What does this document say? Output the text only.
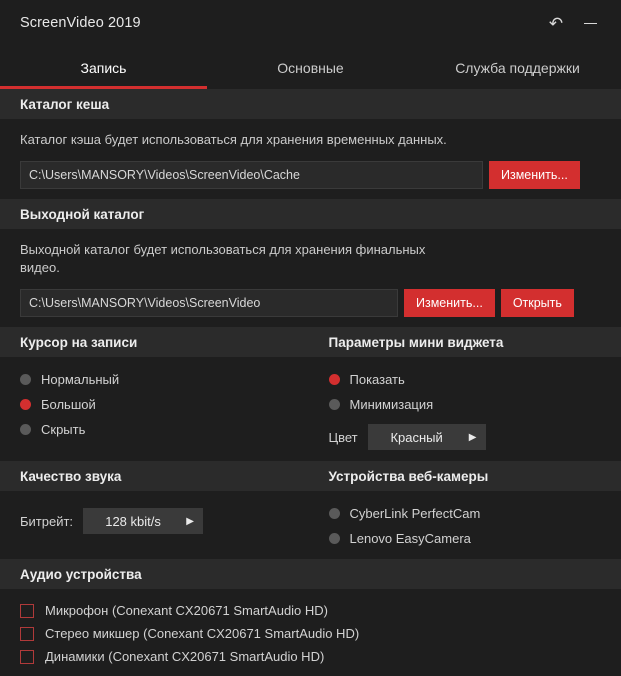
ScreenVideo 2019	↶
Запись	Основные	Служба поддержки
Каталог кеша

Каталог кэша будет использоваться для хранения временных данных.

C:\Users\MANSORY\Videos\ScreenVideo\Cache	Изменить...
Выходной каталог

Выходной каталог будет использоваться для хранения финальных видео.

C:\Users\MANSORY\Videos\ScreenVideo	Изменить...	Открыть
Курсор на записи	Параметры мини виджета
Нормальный
Большой
Скрыть
Показать
Минимизация
Цвет	Красный	▶
Качество звука	Устройства веб-камеры
Битрейт:	128 kbit/s	▶	CyberLink PerfectCam
Lenovo EasyCamera
Аудио устройства
Микрофон (Conexant CX20671 SmartAudio HD)
Стерео микшер (Conexant CX20671 SmartAudio HD)
Динамики (Conexant CX20671 SmartAudio HD)
